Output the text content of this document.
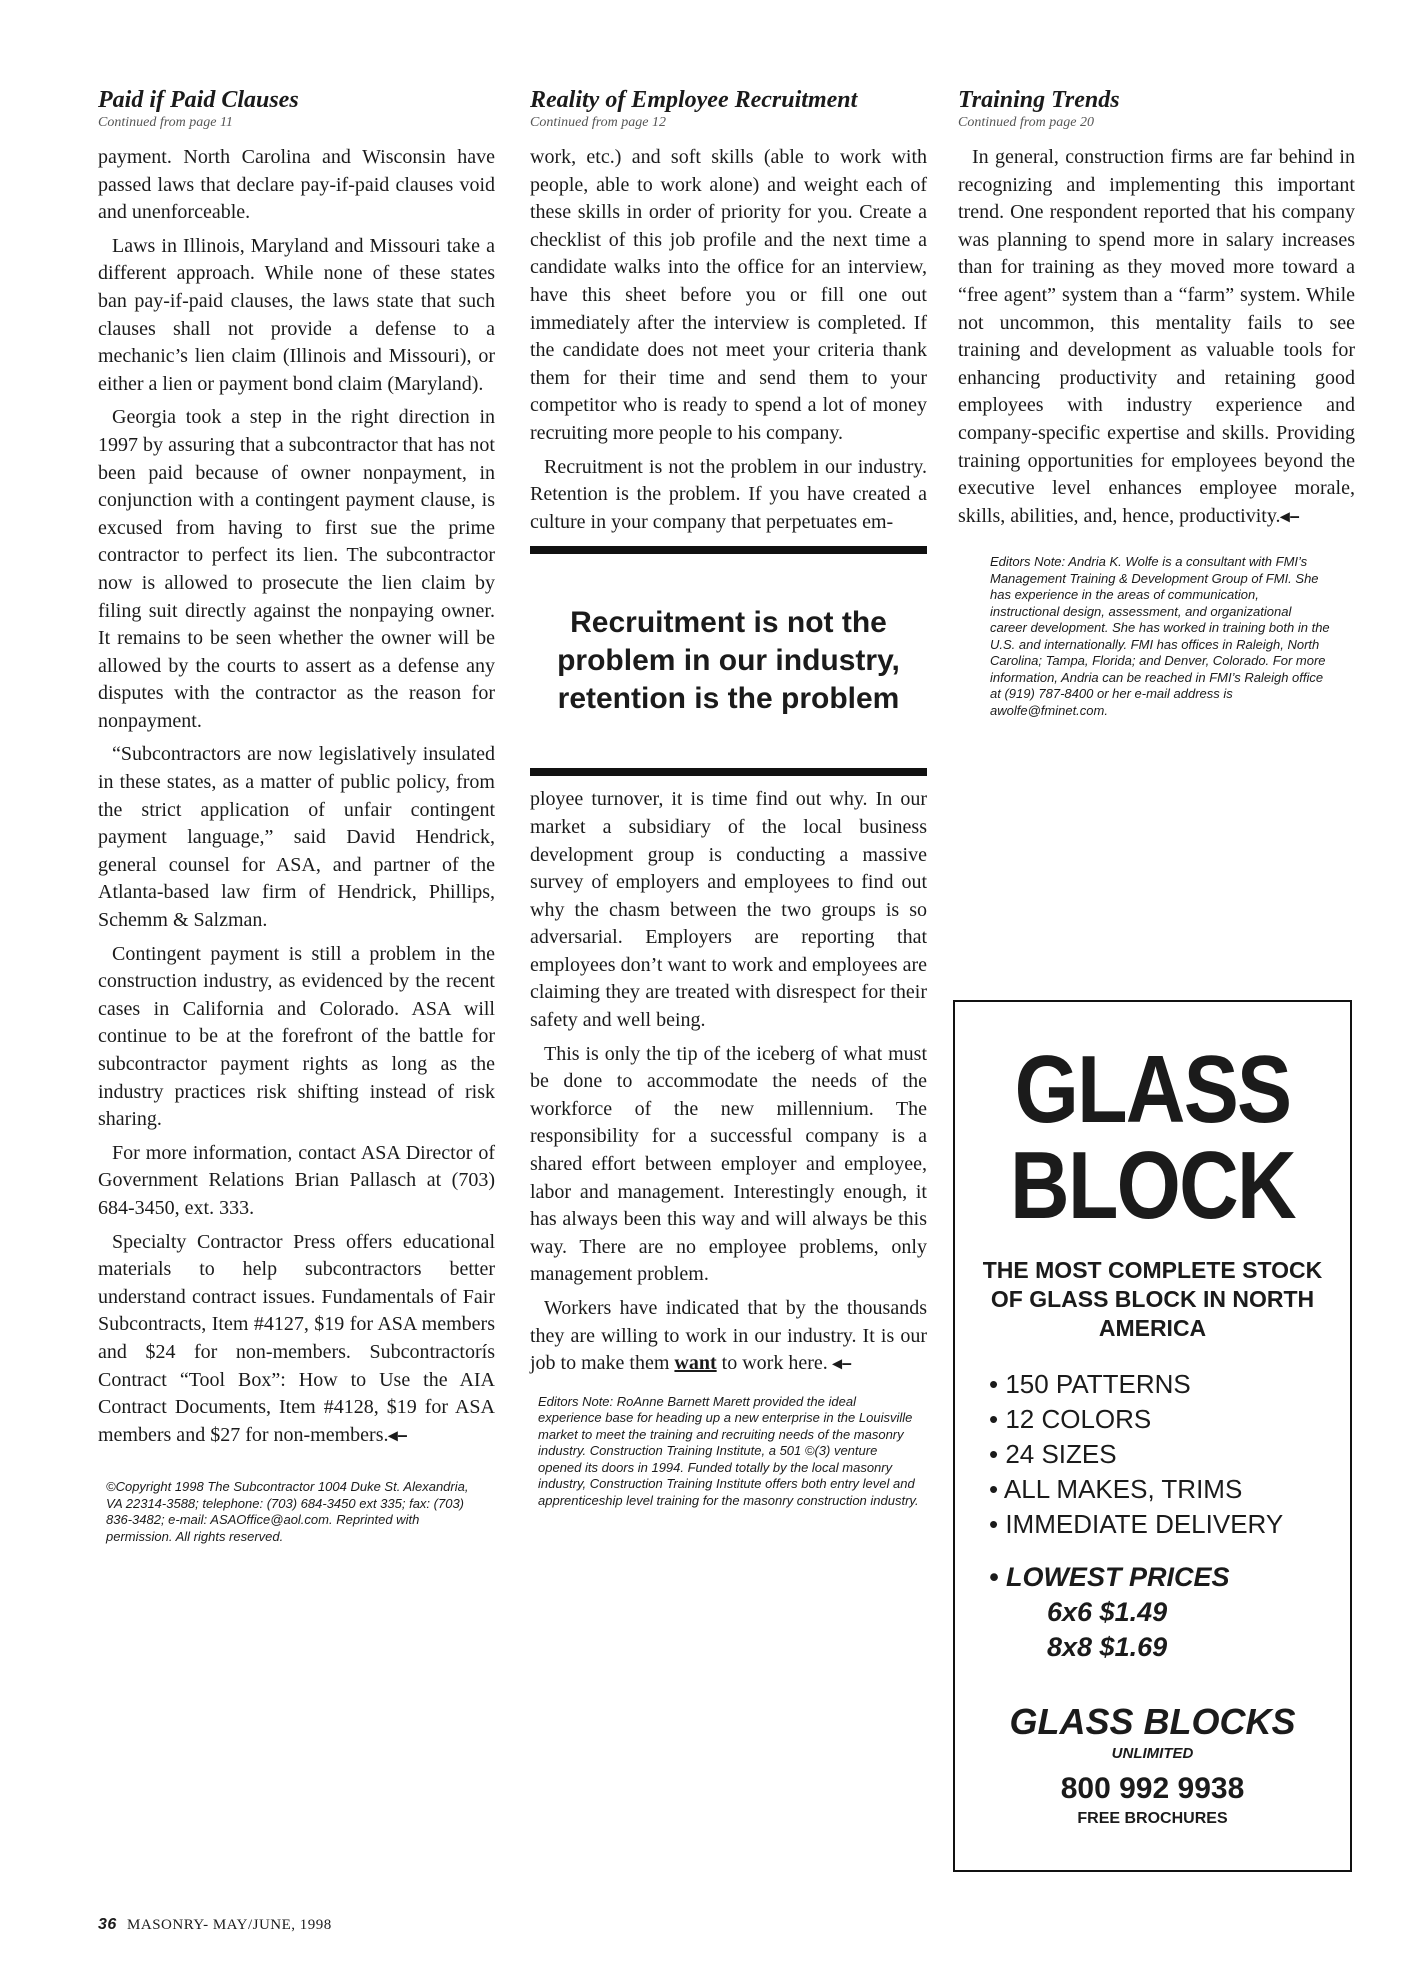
Paid if Paid Clauses

Continued from page 11

payment. North Carolina and Wisconsin have passed laws that declare pay-if-paid clauses void and unenforceable.

Laws in Illinois, Maryland and Missouri take a different approach. While none of these states ban pay-if-paid clauses, the laws state that such clauses shall not provide a defense to a mechanic’s lien claim (Illinois and Missouri), or either a lien or payment bond claim (Maryland).

Georgia took a step in the right direction in 1997 by assuring that a subcontractor that has not been paid because of owner nonpayment, in conjunction with a contingent payment clause, is excused from having to first sue the prime contractor to perfect its lien. The subcontractor now is allowed to prosecute the lien claim by filing suit directly against the nonpaying owner. It remains to be seen whether the owner will be allowed by the courts to assert as a defense any disputes with the contractor as the reason for nonpayment.

“Subcontractors are now legislatively insulated in these states, as a matter of public policy, from the strict application of unfair contingent payment language,” said David Hendrick, general counsel for ASA, and partner of the Atlanta-based law firm of Hendrick, Phillips, Schemm & Salzman.

Contingent payment is still a problem in the construction industry, as evidenced by the recent cases in California and Colorado. ASA will continue to be at the forefront of the battle for subcontractor payment rights as long as the industry practices risk shifting instead of risk sharing.

For more information, contact ASA Director of Government Relations Brian Pallasch at (703) 684-3450, ext. 333.

Specialty Contractor Press offers educational materials to help subcontractors better understand contract issues. Fundamentals of Fair Subcontracts, Item #4127, $19 for ASA members and $24 for non-members. Subcontractorís Contract “Tool Box”: How to Use the AIA Contract Documents, Item #4128, $19 for ASA members and $27 for non-members.◂–

©Copyright 1998 The Subcontractor 1004 Duke St. Alexandria, VA 22314-3588; telephone: (703) 684-3450 ext 335; fax: (703) 836-3482; e-mail: ASAOffice@aol.com. Reprinted with permission. All rights reserved.

Reality of Employee Recruitment

Continued from page 12

work, etc.) and soft skills (able to work with people, able to work alone) and weight each of these skills in order of priority for you. Create a checklist of this job profile and the next time a candidate walks into the office for an interview, have this sheet before you or fill one out immediately after the interview is completed. If the candidate does not meet your criteria thank them for their time and send them to your competitor who is ready to spend a lot of money recruiting more people to his company.

Recruitment is not the problem in our industry. Retention is the problem. If you have created a culture in your company that perpetuates em-

Recruitment is not the problem in our industry, retention is the problem

ployee turnover, it is time find out why. In our market a subsidiary of the local business development group is conducting a massive survey of employers and employees to find out why the chasm between the two groups is so adversarial. Employers are reporting that employees don’t want to work and employees are claiming they are treated with disrespect for their safety and well being.

This is only the tip of the iceberg of what must be done to accommodate the needs of the workforce of the new millennium. The responsibility for a successful company is a shared effort between employer and employee, labor and management. Interestingly enough, it has always been this way and will always be this way. There are no employee problems, only management problem.

Workers have indicated that by the thousands they are willing to work in our industry. It is our job to make them want to work here. ◂–

Editors Note: RoAnne Barnett Marett provided the ideal experience base for heading up a new enterprise in the Louisville market to meet the training and recruiting needs of the masonry industry. Construction Training Institute, a 501 ©(3) venture opened its doors in 1994. Funded totally by the local masonry industry, Construction Training Institute offers both entry level and apprenticeship level training for the masonry construction industry.

Training Trends

Continued from page 20

In general, construction firms are far behind in recognizing and implementing this important trend. One respondent reported that his company was planning to spend more in salary increases than for training as they moved more toward a “free agent” system than a “farm” system. While not uncommon, this mentality fails to see training and development as valuable tools for enhancing productivity and retaining good employees with industry experience and company-specific expertise and skills. Providing training opportunities for employees beyond the executive level enhances employee morale, skills, abilities, and, hence, productivity.◂–

Editors Note: Andria K. Wolfe is a consultant with FMI’s Management Training & Development Group of FMI. She has experience in the areas of communication, instructional design, assessment, and organizational career development. She has worked in training both in the U.S. and internationally. FMI has offices in Raleigh, North Carolina; Tampa, Florida; and Denver, Colorado. For more information, Andria can be reached in FMI’s Raleigh office at (919) 787-8400 or her e-mail address is awolfe@fminet.com.

GLASS

BLOCK

THE MOST COMPLETE STOCK OF GLASS BLOCK IN NORTH AMERICA

• 150 PATTERNS
• 12 COLORS
• 24 SIZES
• ALL MAKES, TRIMS
• IMMEDIATE DELIVERY
• LOWEST PRICES
6x6 $1.49
8x8 $1.69

GLASS BLOCKS

UNLIMITED

800 992 9938

FREE BROCHURES

36 MASONRY- MAY/JUNE, 1998
